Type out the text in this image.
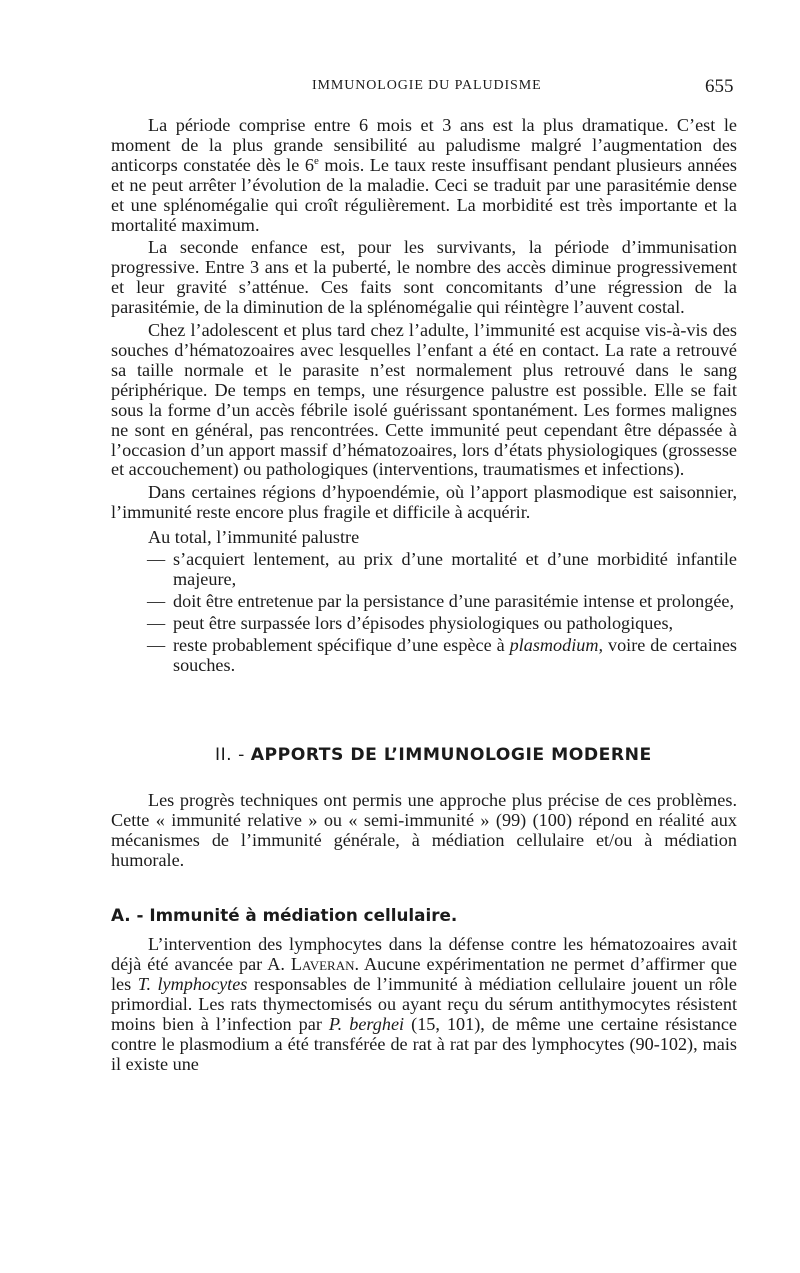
IMMUNOLOGIE DU PALUDISME	655

La période comprise entre 6 mois et 3 ans est la plus dramatique. C’est le moment de la plus grande sensibilité au paludisme malgré l’augmentation des anticorps constatée dès le 6e mois. Le taux reste insuffisant pendant plusieurs années et ne peut arrêter l’évolution de la maladie. Ceci se traduit par une parasitémie dense et une splénomégalie qui croît régulièrement. La morbidité est très importante et la mortalité maximum.

La seconde enfance est, pour les survivants, la période d’immunisation progressive. Entre 3 ans et la puberté, le nombre des accès diminue progressivement et leur gravité s’atténue. Ces faits sont concomitants d’une régression de la parasitémie, de la diminution de la splénomégalie qui réintègre l’auvent costal.

Chez l’adolescent et plus tard chez l’adulte, l’immunité est acquise vis-à-vis des souches d’hématozoaires avec lesquelles l’enfant a été en contact. La rate a retrouvé sa taille normale et le parasite n’est normalement plus retrouvé dans le sang périphérique. De temps en temps, une résurgence palustre est possible. Elle se fait sous la forme d’un accès fébrile isolé guérissant spontanément. Les formes malignes ne sont en général, pas rencontrées. Cette immunité peut cependant être dépassée à l’occasion d’un apport massif d’hématozoaires, lors d’états physiologiques (grossesse et accouchement) ou pathologiques (interventions, traumatismes et infections).

Dans certaines régions d’hypoendémie, où l’apport plasmodique est saisonnier, l’immunité reste encore plus fragile et difficile à acquérir.

Au total, l’immunité palustre

— s’acquiert lentement, au prix d’une mortalité et d’une morbidité infantile majeure,
— doit être entretenue par la persistance d’une parasitémie intense et prolongée,
— peut être surpassée lors d’épisodes physiologiques ou pathologiques,
— reste probablement spécifique d’une espèce à plasmodium, voire de certaines souches.
II. - APPORTS DE L’IMMUNOLOGIE MODERNE

Les progrès techniques ont permis une approche plus précise de ces problèmes. Cette « immunité relative » ou « semi-immunité » (99) (100) répond en réalité aux mécanismes de l’immunité générale, à médiation cellulaire et/ou à médiation humorale.

A. - Immunité à médiation cellulaire.

L’intervention des lymphocytes dans la défense contre les hématozoaires avait déjà été avancée par A. Laveran. Aucune expérimentation ne permet d’affirmer que les T. lymphocytes responsables de l’immunité à médiation cellulaire jouent un rôle primordial. Les rats thymectomisés ou ayant reçu du sérum antithymocytes résistent moins bien à l’infection par P. berghei (15, 101), de même une certaine résistance contre le plasmodium a été transférée de rat à rat par des lymphocytes (90-102), mais il existe une
